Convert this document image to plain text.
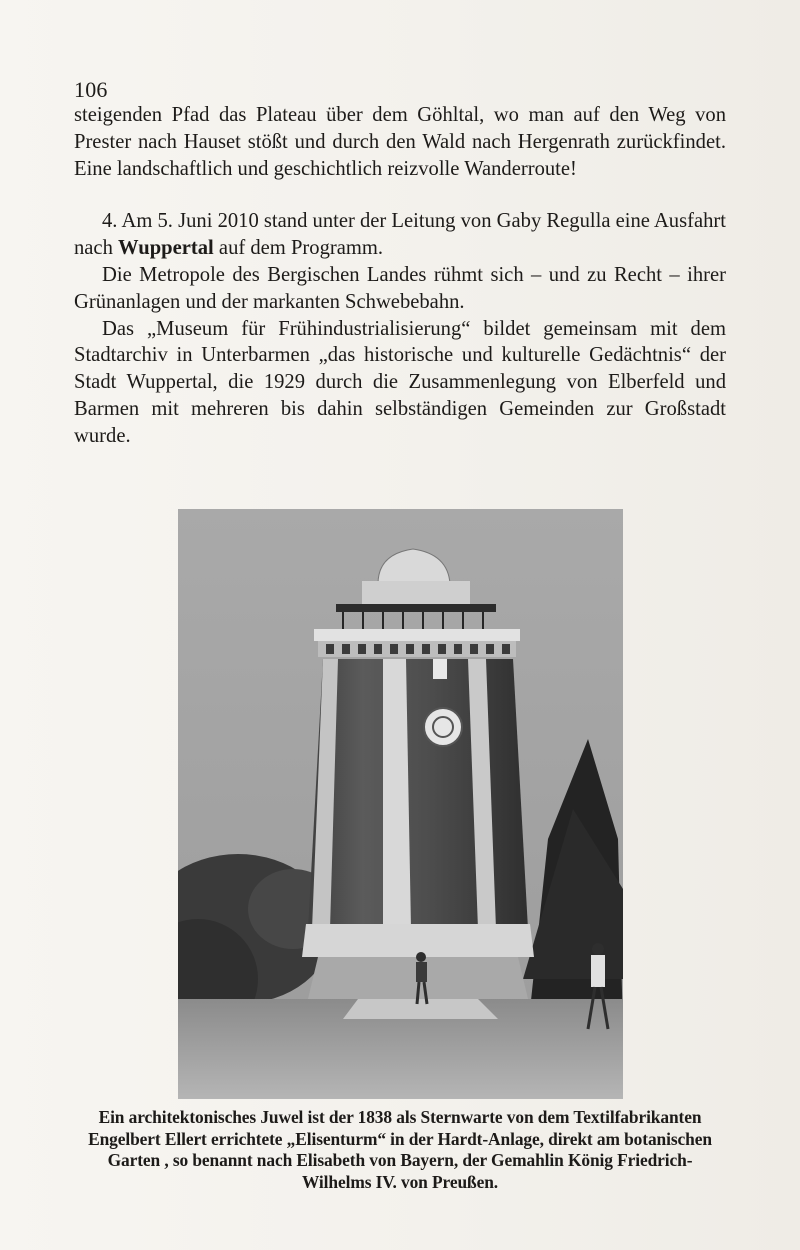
106

steigenden Pfad das Plateau über dem Göhltal, wo man auf den Weg von Prester nach Hauset stößt und durch den Wald nach Hergenrath zurückfindet. Eine landschaftlich und geschichtlich reizvolle Wanderroute!

4. Am 5. Juni 2010 stand unter der Leitung von Gaby Regulla eine Ausfahrt nach Wuppertal auf dem Programm.

Die Metropole des Bergischen Landes rühmt sich – und zu Recht – ihrer Grünanlagen und der markanten Schwebebahn.

Das „Museum für Frühindustrialisierung“ bildet gemeinsam mit dem Stadtarchiv in Unterbarmen „das historische und kulturelle Gedächtnis“ der Stadt Wuppertal, die 1929 durch die Zusammenlegung von Elberfeld und Barmen mit mehreren bis dahin selbständigen Gemeinden zur Großstadt wurde.

Ein architektonisches Juwel ist der 1838 als Sternwarte von dem Textilfabrikanten Engelbert Ellert errichtete „Elisenturm“ in der Hardt-Anlage, direkt am botanischen Garten , so benannt nach Elisabeth von Bayern, der Gemahlin König Friedrich-Wilhelms IV. von Preußen.
